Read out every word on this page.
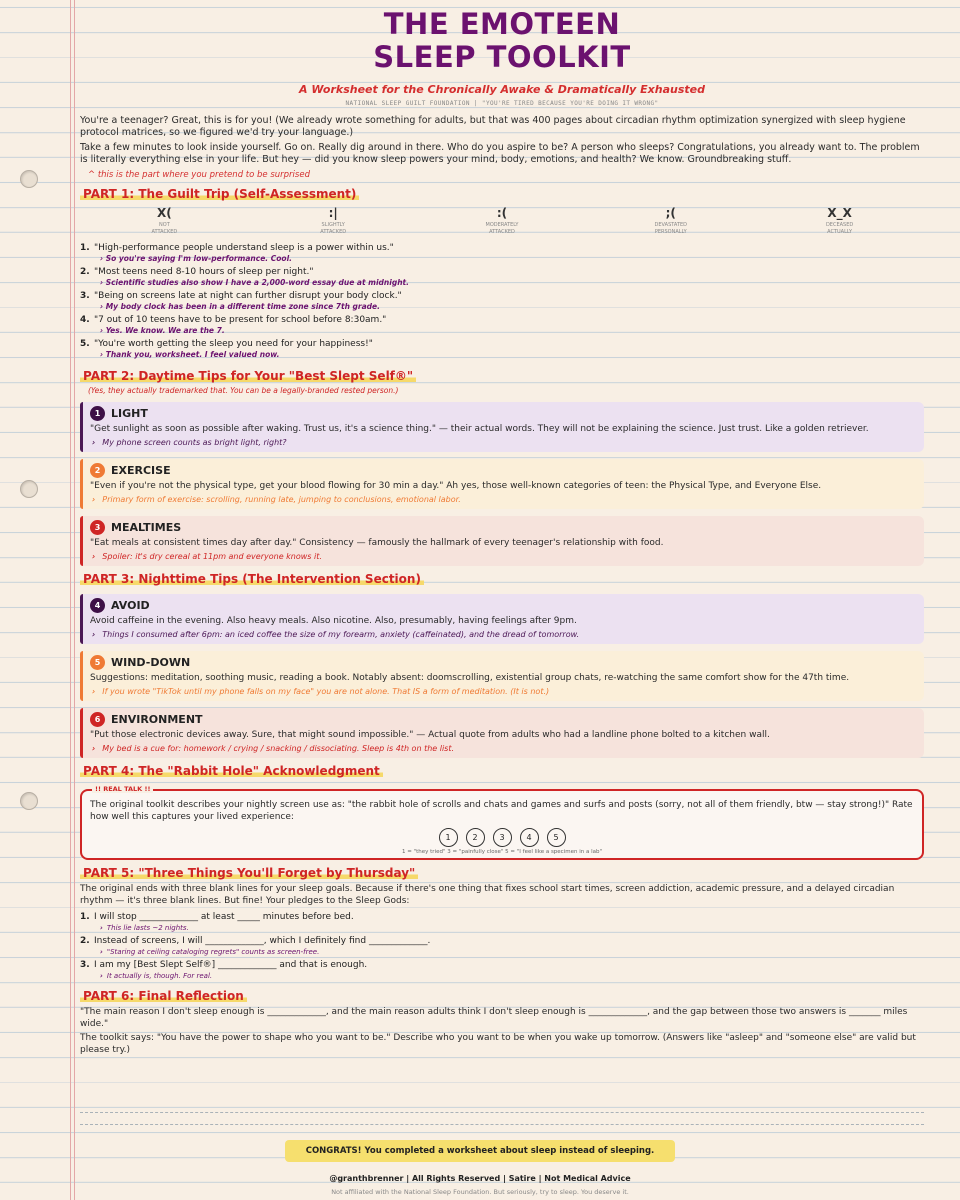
THE EMOTEEN
SLEEP TOOLKIT
A Worksheet for the Chronically Awake & Dramatically Exhausted
NATIONAL SLEEP GUILT FOUNDATION | "YOU'RE TIRED BECAUSE YOU'RE DOING IT WRONG"

You're a teenager? Great, this is for you! (We already wrote something for adults, but that was 400 pages about circadian rhythm optimization synergized with sleep hygiene protocol matrices, so we figured we'd try your language.)

Take a few minutes to look inside yourself. Go on. Really dig around in there. Who do you aspire to be? A person who sleeps? Congratulations, you already want to. The problem is literally everything else in your life. But hey — did you know sleep powers your mind, body, emotions, and health? We know. Groundbreaking stuff.

^ this is the part where you pretend to be surprised
PART 1: The Guilt Trip (Self-Assessment)
X(
NOT
ATTACKED
:|
SLIGHTLY
ATTACKED
:(
MODERATELY
ATTACKED
;(
DEVASTATED
PERSONALLY
X_X
DECEASED
ACTUALLY
1. "High-performance people understand sleep is a power within us."
› So you're saying I'm low-performance. Cool.
2. "Most teens need 8-10 hours of sleep per night."
› Scientific studies also show I have a 2,000-word essay due at midnight.
3. "Being on screens late at night can further disrupt your body clock."
› My body clock has been in a different time zone since 7th grade.
4. "7 out of 10 teens have to be present for school before 8:30am."
› Yes. We know. We are the 7.
5. "You're worth getting the sleep you need for your happiness!"
› Thank you, worksheet. I feel valued now.
PART 2: Daytime Tips for Your "Best Slept Self®"
(Yes, they actually trademarked that. You can be a legally-branded rested person.)
1 LIGHT
"Get sunlight as soon as possible after waking. Trust us, it's a science thing." — their actual words. They will not be explaining the science. Just trust. Like a golden retriever.
› My phone screen counts as bright light, right?
2 EXERCISE
"Even if you're not the physical type, get your blood flowing for 30 min a day." Ah yes, those well-known categories of teen: the Physical Type, and Everyone Else.
› Primary form of exercise: scrolling, running late, jumping to conclusions, emotional labor.
3 MEALTIMES
"Eat meals at consistent times day after day." Consistency — famously the hallmark of every teenager's relationship with food.
› Spoiler: it's dry cereal at 11pm and everyone knows it.
PART 3: Nighttime Tips (The Intervention Section)
4 AVOID
Avoid caffeine in the evening. Also heavy meals. Also nicotine. Also, presumably, having feelings after 9pm.
› Things I consumed after 6pm: an iced coffee the size of my forearm, anxiety (caffeinated), and the dread of tomorrow.
5 WIND-DOWN
Suggestions: meditation, soothing music, reading a book. Notably absent: doomscrolling, existential group chats, re-watching the same comfort show for the 47th time.
› If you wrote "TikTok until my phone falls on my face" you are not alone. That IS a form of meditation. (It is not.)
6 ENVIRONMENT
"Put those electronic devices away. Sure, that might sound impossible." — Actual quote from adults who had a landline phone bolted to a kitchen wall.
› My bed is a cue for: homework / crying / snacking / dissociating. Sleep is 4th on the list.
PART 4: The "Rabbit Hole" Acknowledgment
!! REAL TALK !!
The original toolkit describes your nightly screen use as: "the rabbit hole of scrolls and chats and games and surfs and posts (sorry, not all of them friendly, btw — stay strong!)" Rate how well this captures your lived experience:
1	2	3	4	5
1 = "they tried" 3 = "painfully close" 5 = "I feel like a specimen in a lab"
PART 5: "Three Things You'll Forget by Thursday"
The original ends with three blank lines for your sleep goals. Because if there's one thing that fixes school start times, screen addiction, academic pressure, and a delayed circadian rhythm — it's three blank lines. But fine! Your pledges to the Sleep Gods:
1. I will stop _____________ at least _____ minutes before bed.
› This lie lasts ~2 nights.
2. Instead of screens, I will _____________, which I definitely find _____________.
› "Staring at ceiling cataloging regrets" counts as screen-free.
3. I am my [Best Slept Self®] _____________ and that is enough.
› It actually is, though. For real.
PART 6: Final Reflection
"The main reason I don't sleep enough is _____________, and the main reason adults think I don't sleep enough is _____________, and the gap between those two answers is _______ miles wide."
The toolkit says: "You have the power to shape who you want to be." Describe who you want to be when you wake up tomorrow. (Answers like "asleep" and "someone else" are valid but please try.)
CONGRATS! You completed a worksheet about sleep instead of sleeping.
@granthbrenner | All Rights Reserved | Satire | Not Medical Advice
Not affiliated with the National Sleep Foundation. But seriously, try to sleep. You deserve it.
